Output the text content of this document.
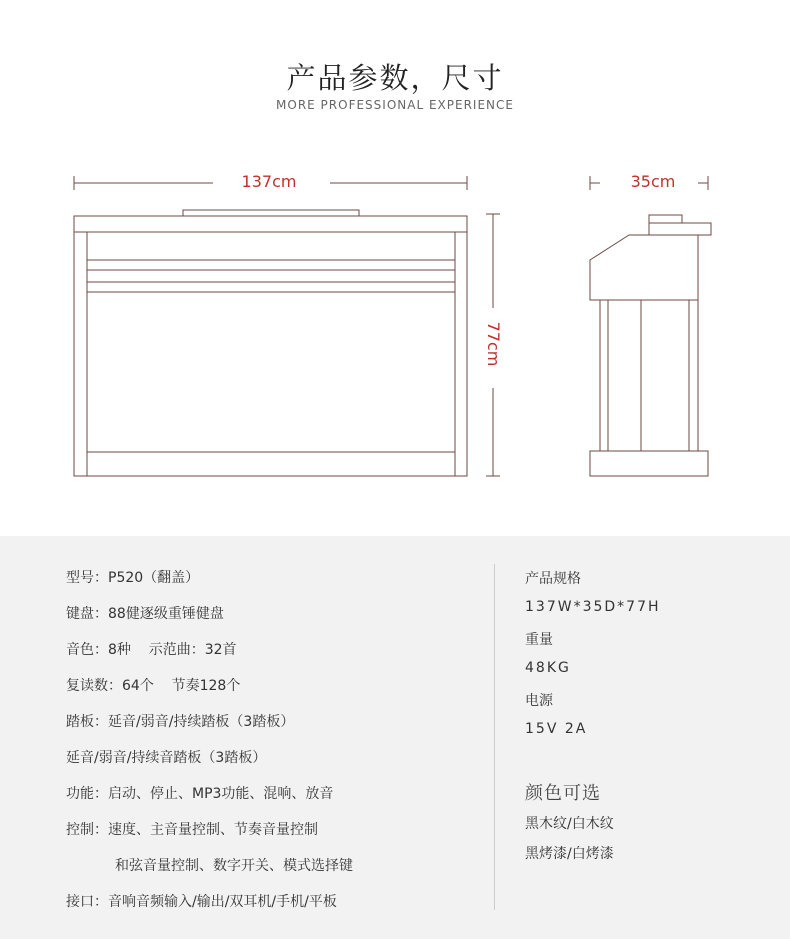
产品参数，尺寸
MORE PROFESSIONAL EXPERIENCE
137cm
77cm
35cm
型号：P520（翻盖）
键盘：88健逐级重锤健盘
音色：8种    示范曲：32首
复读数：64个    节奏128个
踏板：延音/弱音/持续踏板（3踏板）
延音/弱音/持续音踏板（3踏板）
功能：启动、停止、MP3功能、混响、放音
控制：速度、主音量控制、节奏音量控制
和弦音量控制、数字开关、模式选择键
接口：音响音频输入/输出/双耳机/手机/平板
产品规格
137W*35D*77H
重量
48KG
电源
15V 2A
颜色可选
黑木纹/白木纹
黑烤漆/白烤漆
